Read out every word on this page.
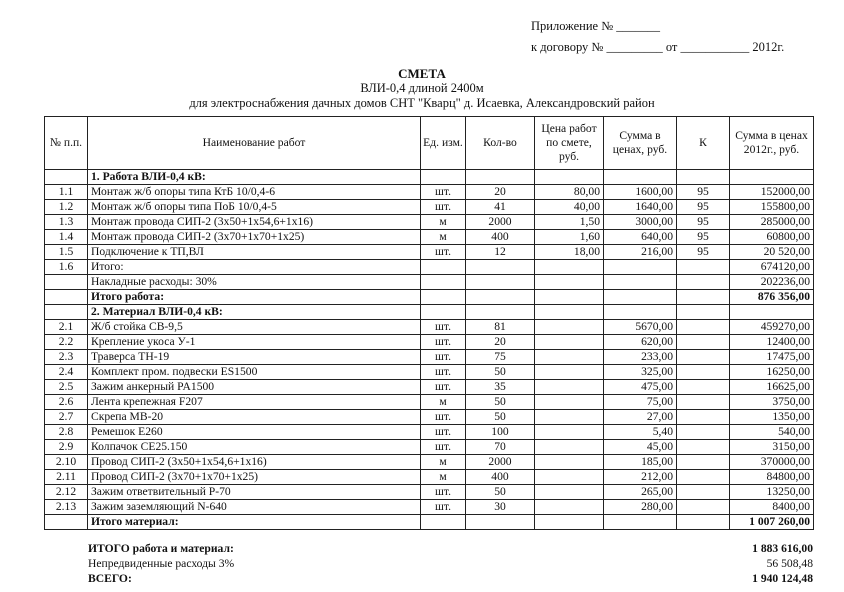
Приложение № _______
к договору № _________ от ___________ 2012г.
СМЕТА
ВЛИ-0,4 длиной 2400м
для электроснабжения дачных домов СНТ "Кварц" д. Исаевка, Александровский район
№ п.п.	Наименование работ	Ед. изм.	Кол-во	Цена работ по смете, руб.	Сумма в ценах, руб.	К	Сумма в ценах 2012г., руб.
	1. Работа ВЛИ-0,4 кВ:						
1.1	Монтаж ж/б опоры типа КтБ 10/0,4-6	шт.	20	80,00	1600,00	95	152000,00
1.2	Монтаж ж/б опоры типа ПоБ 10/0,4-5	шт.	41	40,00	1640,00	95	155800,00
1.3	Монтаж провода СИП-2 (3х50+1х54,6+1х16)	м	2000	1,50	3000,00	95	285000,00
1.4	Монтаж провода СИП-2 (3х70+1х70+1х25)	м	400	1,60	640,00	95	60800,00
1.5	Подключение к ТП,ВЛ	шт.	12	18,00	216,00	95	20 520,00
1.6	Итого:						674120,00
	Накладные расходы: 30%						202236,00
	Итого работа:						876 356,00
	2. Материал ВЛИ-0,4 кВ:						
2.1	Ж/б стойка СВ-9,5	шт.	81		5670,00		459270,00
2.2	Крепление укоса У-1	шт.	20		620,00		12400,00
2.3	Траверса ТН-19	шт.	75		233,00		17475,00
2.4	Комплект пром. подвески ES1500	шт.	50		325,00		16250,00
2.5	Зажим анкерный PA1500	шт.	35		475,00		16625,00
2.6	Лента крепежная F207	м	50		75,00		3750,00
2.7	Скрепа МВ-20	шт.	50		27,00		1350,00
2.8	Ремешок Е260	шт.	100		5,40		540,00
2.9	Колпачок СЕ25.150	шт.	70		45,00		3150,00
2.10	Провод СИП-2 (3х50+1х54,6+1х16)	м	2000		185,00		370000,00
2.11	Провод СИП-2 (3х70+1х70+1х25)	м	400		212,00		84800,00
2.12	Зажим ответвительный Р-70	шт.	50		265,00		13250,00
2.13	Зажим заземляющий N-640	шт.	30		280,00		8400,00
	Итого материал:						1 007 260,00
ИТОГО работа и материал:	1 883 616,00
Непредвиденные расходы 3%	56 508,48
ВСЕГО:	1 940 124,48
